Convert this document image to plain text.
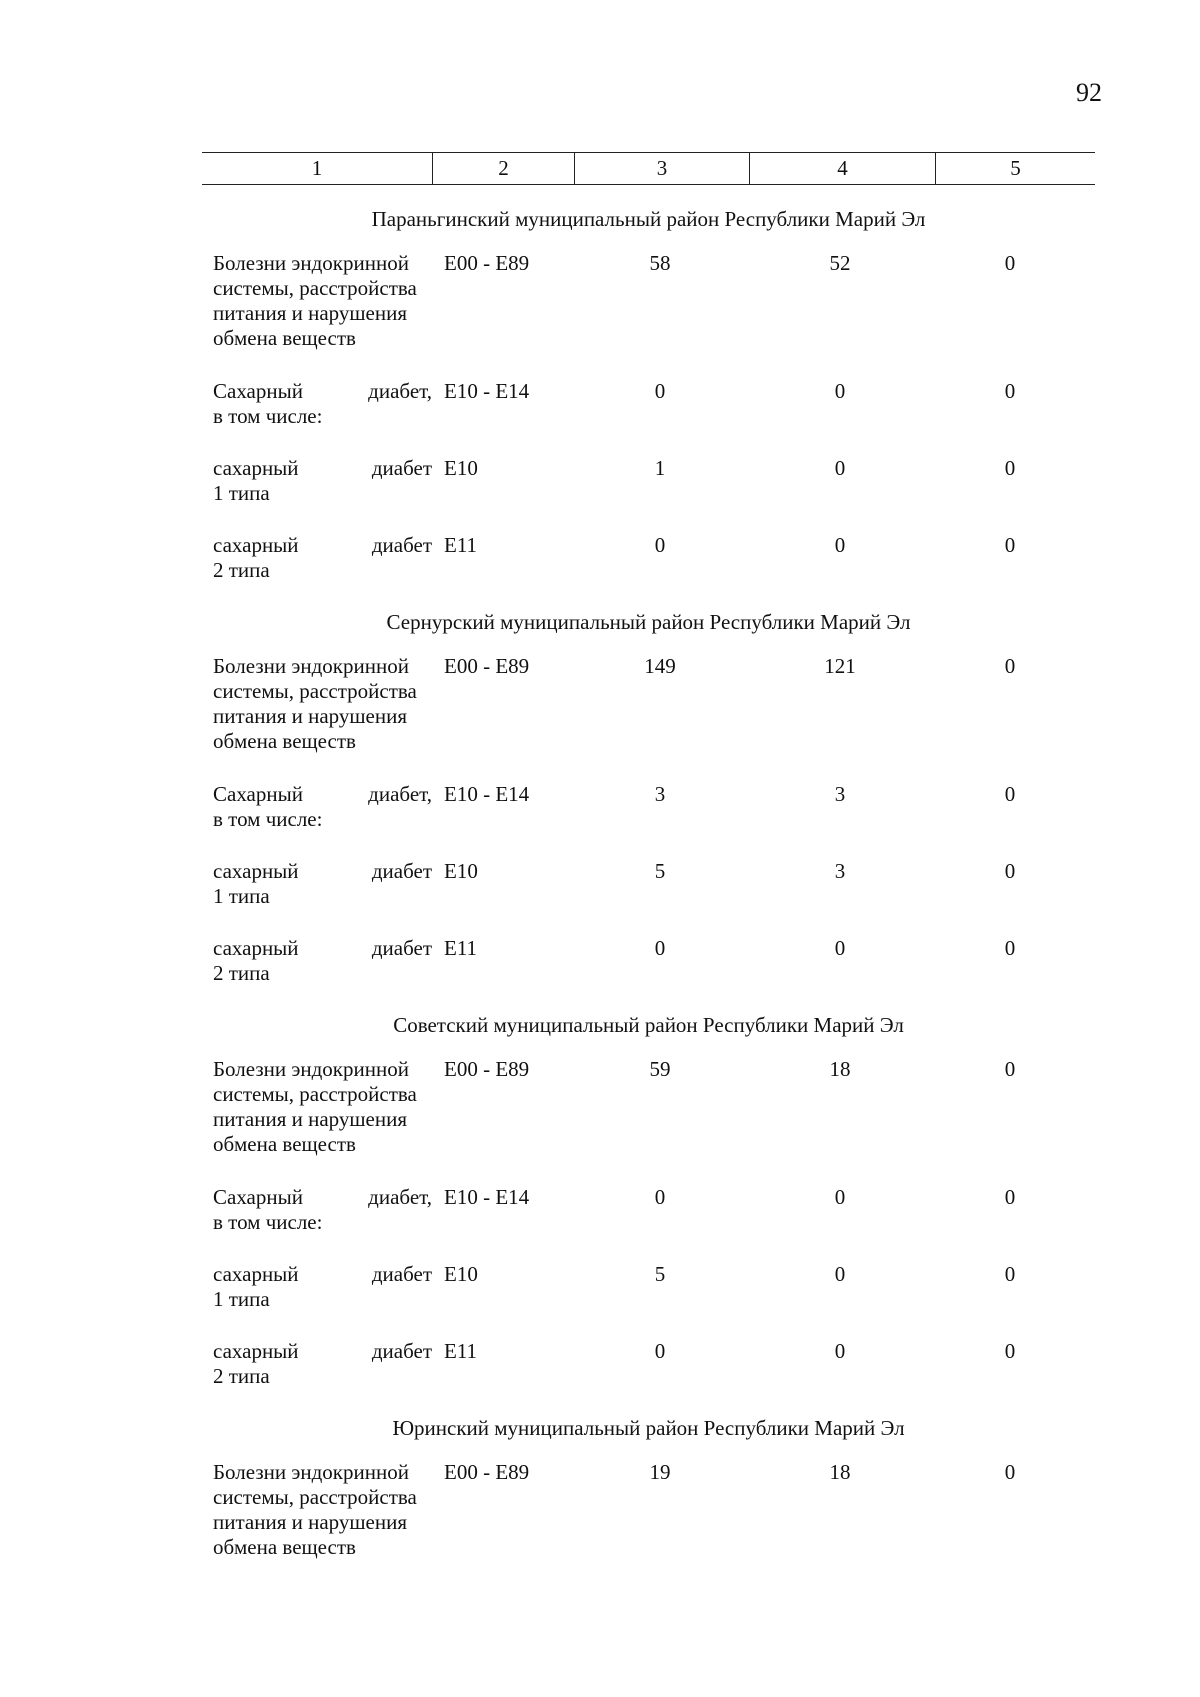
92
1	2	3	4	5
Параньгинский муниципальный район Республики Марий Эл
Болезни эндокринной
системы, расстройства
питания и нарушения
обмена веществ
E00 - E89	58	52	0
Сахарный	диабет,
в том числе:
E10 - E14	0	0	0
сахарный	диабет
1 типа
E10	1	0	0
сахарный	диабет
2 типа
E11	0	0	0
Сернурский муниципальный район Республики Марий Эл
Болезни эндокринной
системы, расстройства
питания и нарушения
обмена веществ
E00 - E89	149	121	0
Сахарный	диабет,
в том числе:
E10 - E14	3	3	0
сахарный	диабет
1 типа
E10	5	3	0
сахарный	диабет
2 типа
E11	0	0	0
Советский муниципальный район Республики Марий Эл
Болезни эндокринной
системы, расстройства
питания и нарушения
обмена веществ
E00 - E89	59	18	0
Сахарный	диабет,
в том числе:
E10 - E14	0	0	0
сахарный	диабет
1 типа
E10	5	0	0
сахарный	диабет
2 типа
E11	0	0	0
Юринский муниципальный район Республики Марий Эл
Болезни эндокринной
системы, расстройства
питания и нарушения
обмена веществ
E00 - E89	19	18	0
